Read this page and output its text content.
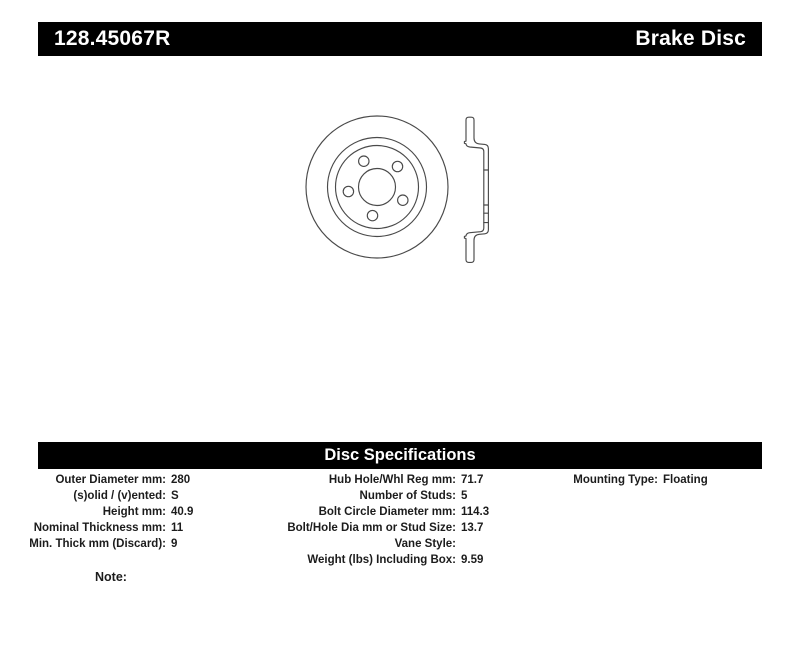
128.45067R	Brake Disc
Disc Specifications
Outer Diameter mm: 280
(s)olid / (v)ented: S
Height mm: 40.9
Nominal Thickness mm: 11
Min. Thick mm (Discard): 9
Hub Hole/Whl Reg mm: 71.7
Number of Studs: 5
Bolt Circle Diameter mm: 114.3
Bolt/Hole Dia mm or Stud Size: 13.7
Vane Style:
Weight (lbs) Including Box: 9.59
Mounting Type: Floating
Note:
